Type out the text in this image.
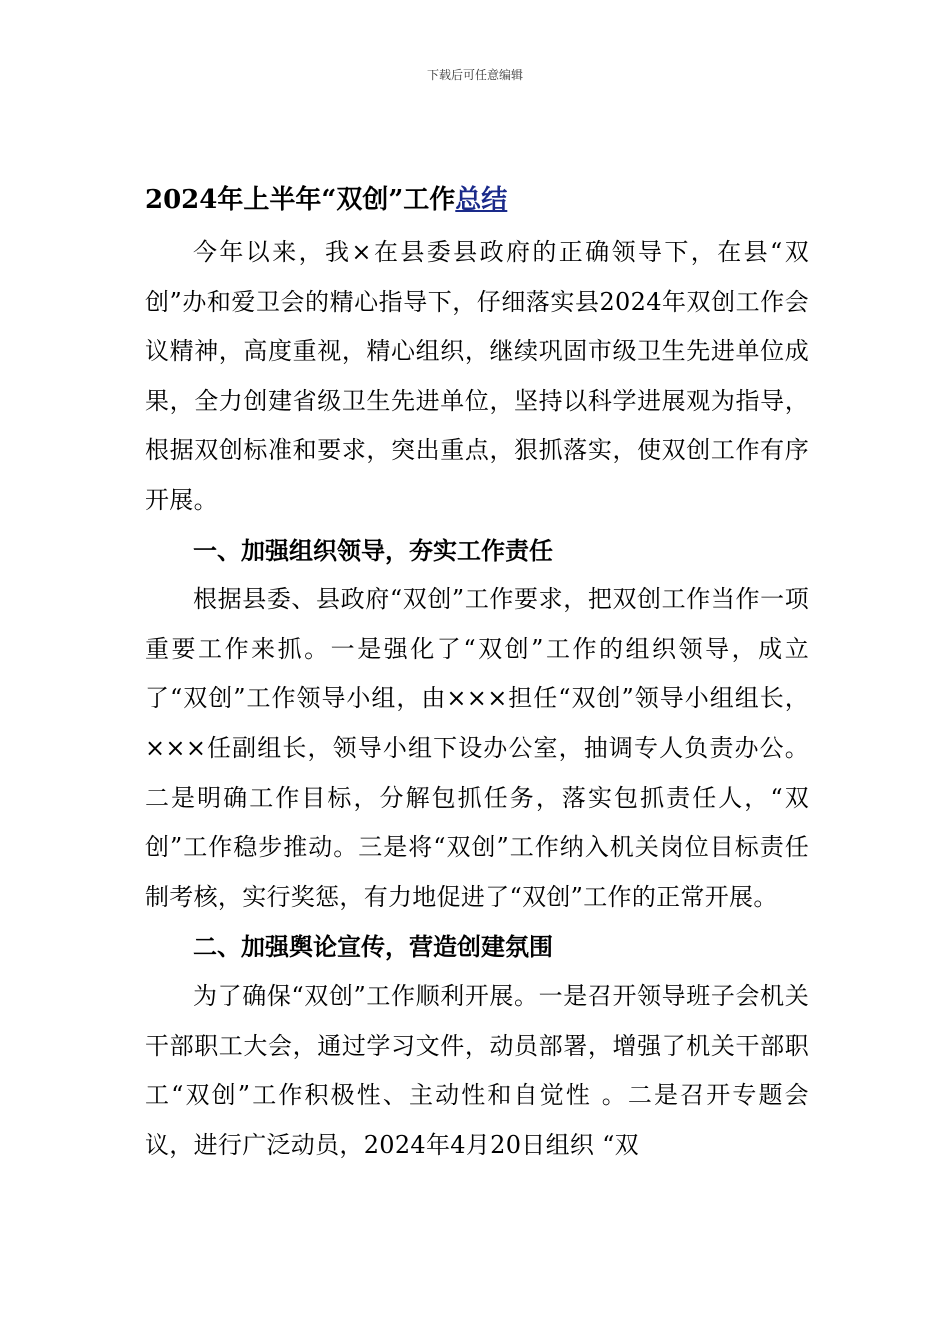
下载后可任意编辑
2024年上半年“双创”工作总结

今年以来，我×在县委县政府的正确领导下，在县“双创”办和爱卫会的精心指导下，仔细落实县2024年双创工作会议精神，高度重视，精心组织，继续巩固市级卫生先进单位成果，全力创建省级卫生先进单位，坚持以科学进展观为指导，根据双创标准和要求，突出重点，狠抓落实，使双创工作有序开展。

一、加强组织领导，夯实工作责任

根据县委、县政府“双创”工作要求，把双创工作当作一项重要工作来抓。一是强化了“双创”工作的组织领导，成立了“双创”工作领导小组，由×××担任“双创”领导小组组长，×××任副组长，领导小组下设办公室，抽调专人负责办公。二是明确工作目标，分解包抓任务，落实包抓责任人，“双创”工作稳步推动。三是将“双创”工作纳入机关岗位目标责任制考核，实行奖惩，有力地促进了“双创”工作的正常开展。

二、加强舆论宣传，营造创建氛围

为了确保“双创”工作顺利开展。一是召开领导班子会机关干部职工大会，通过学习文件，动员部署，增强了机关干部职工“双创”工作积极性、主动性和自觉性 。二是召开专题会议，进行广泛动员，2024年4月20日组织 “双
